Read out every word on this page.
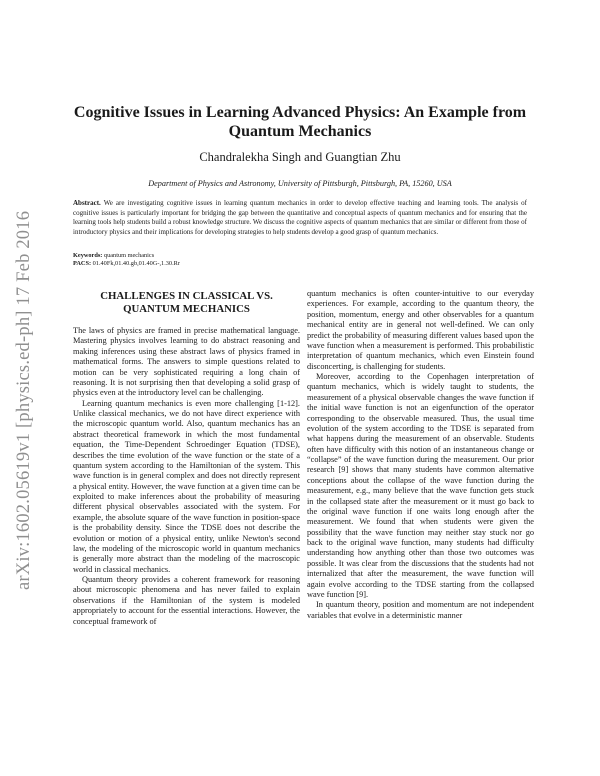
arXiv:1602.05619v1 [physics.ed-ph] 17 Feb 2016
Cognitive Issues in Learning Advanced Physics: An Example from Quantum Mechanics
Chandralekha Singh and Guangtian Zhu
Department of Physics and Astronomy, University of Pittsburgh, Pittsburgh, PA, 15260, USA
Abstract. We are investigating cognitive issues in learning quantum mechanics in order to develop effective teaching and learning tools. The analysis of cognitive issues is particularly important for bridging the gap between the quantitative and conceptual aspects of quantum mechanics and for ensuring that the learning tools help students build a robust knowledge structure. We discuss the cognitive aspects of quantum mechanics that are similar or different from those of introductory physics and their implications for developing strategies to help students develop a good grasp of quantum mechanics.
Keywords: quantum mechanics
PACS: 01.40Fk,01.40.gb,01.40G-,1.30.Rr
CHALLENGES IN CLASSICAL VS. QUANTUM MECHANICS

The laws of physics are framed in precise mathematical language. Mastering physics involves learning to do abstract reasoning and making inferences using these abstract laws of physics framed in mathematical forms. The answers to simple questions related to motion can be very sophisticated requiring a long chain of reasoning. It is not surprising then that developing a solid grasp of physics even at the introductory level can be challenging.

Learning quantum mechanics is even more challenging [1-12]. Unlike classical mechanics, we do not have direct experience with the microscopic quantum world. Also, quantum mechanics has an abstract theoretical framework in which the most fundamental equation, the Time-Dependent Schroedinger Equation (TDSE), describes the time evolution of the wave function or the state of a quantum system according to the Hamiltonian of the system. This wave function is in general complex and does not directly represent a physical entity. However, the wave function at a given time can be exploited to make inferences about the probability of measuring different physical observables associated with the system. For example, the absolute square of the wave function in position-space is the probability density. Since the TDSE does not describe the evolution or motion of a physical entity, unlike Newton's second law, the modeling of the microscopic world in quantum mechanics is generally more abstract than the modeling of the macroscopic world in classical mechanics.

Quantum theory provides a coherent framework for reasoning about microscopic phenomena and has never failed to explain observations if the Hamiltonian of the system is modeled appropriately to account for the essential interactions. However, the conceptual framework of

quantum mechanics is often counter-intuitive to our everyday experiences. For example, according to the quantum theory, the position, momentum, energy and other observables for a quantum mechanical entity are in general not well-defined. We can only predict the probability of measuring different values based upon the wave function when a measurement is performed. This probabilistic interpretation of quantum mechanics, which even Einstein found disconcerting, is challenging for students.

Moreover, according to the Copenhagen interpretation of quantum mechanics, which is widely taught to students, the measurement of a physical observable changes the wave function if the initial wave function is not an eigenfunction of the operator corresponding to the observable measured. Thus, the usual time evolution of the system according to the TDSE is separated from what happens during the measurement of an observable. Students often have difficulty with this notion of an instantaneous change or “collapse” of the wave function during the measurement. Our prior research [9] shows that many students have common alternative conceptions about the collapse of the wave function during the measurement, e.g., many believe that the wave function gets stuck in the collapsed state after the measurement or it must go back to the original wave function if one waits long enough after the measurement. We found that when students were given the possibility that the wave function may neither stay stuck nor go back to the original wave function, many students had difficulty understanding how anything other than those two outcomes was possible. It was clear from the discussions that the students had not internalized that after the measurement, the wave function will again evolve according to the TDSE starting from the collapsed wave function [9].

In quantum theory, position and momentum are not independent variables that evolve in a deterministic manner
